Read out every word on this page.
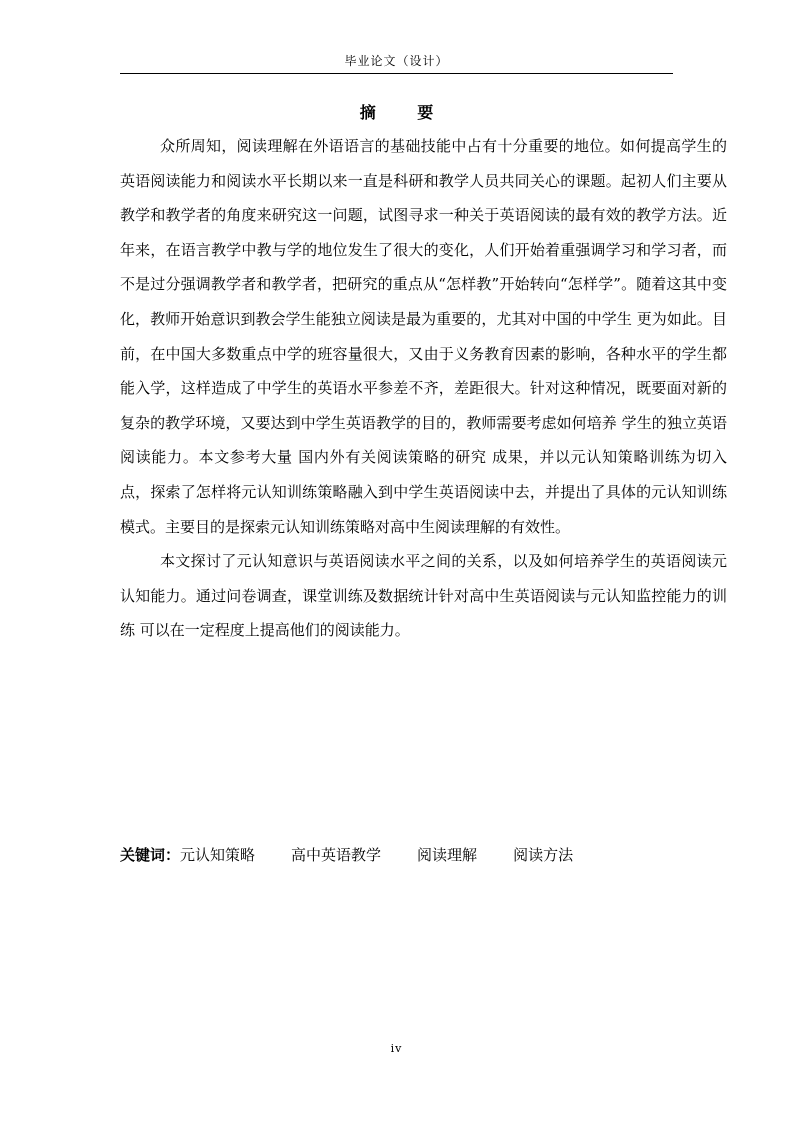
毕业论文（设计）
摘 要

众所周知，阅读理解在外语语言的基础技能中占有十分重要的地位。如何提高学生的英语阅读能力和阅读水平长期以来一直是科研和教学人员共同关心的课题。起初人们主要从教学和教学者的角度来研究这一问题，试图寻求一种关于英语阅读的最有效的教学方法。近年来，在语言教学中教与学的地位发生了很大的变化，人们开始着重强调学习和学习者，而不是过分强调教学者和教学者，把研究的重点从“怎样教”开始转向“怎样学”。随着这其中变化，教师开始意识到教会学生能独立阅读是最为重要的，尤其对中国的中学生 更为如此。目前，在中国大多数重点中学的班容量很大，又由于义务教育因素的影响，各种水平的学生都能入学，这样造成了中学生的英语水平参差不齐，差距很大。针对这种情况，既要面对新的复杂的教学环境，又要达到中学生英语教学的目的，教师需要考虑如何培养 学生的独立英语阅读能力。本文参考大量 国内外有关阅读策略的研究 成果，并以元认知策略训练为切入点，探索了怎样将元认知训练策略融入到中学生英语阅读中去，并提出了具体的元认知训练模式。主要目的是探索元认知训练策略对高中生阅读理解的有效性。

本文探讨了元认知意识与英语阅读水平之间的关系，以及如何培养学生的英语阅读元认知能力。通过问卷调查，课堂训练及数据统计针对高中生英语阅读与元认知监控能力的训练 可以在一定程度上提高他们的阅读能力。

关键词：元认知策略 高中英语教学 阅读理解 阅读方法
iv
